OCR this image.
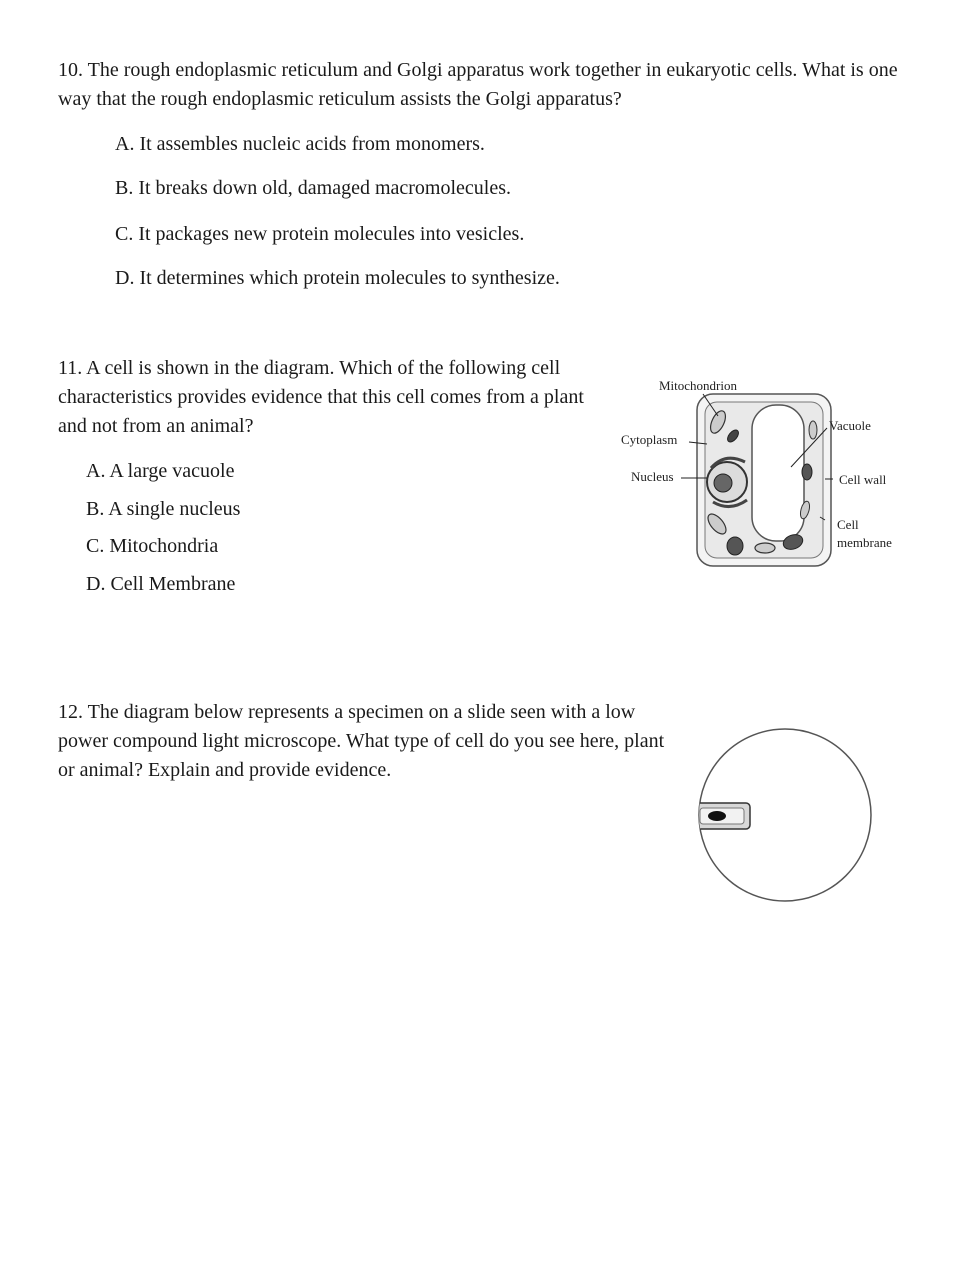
10. The rough endoplasmic reticulum and Golgi apparatus work together in eukaryotic cells. What is one way that the rough endoplasmic reticulum assists the Golgi apparatus?

A. It assembles nucleic acids from monomers.
B. It breaks down old, damaged macromolecules.
C. It packages new protein molecules into vesicles.
D. It determines which protein molecules to synthesize.

11. A cell is shown in the diagram. Which of the following cell characteristics provides evidence that this cell comes from a plant and not from an animal?

A. A large vacuole
B. A single nucleus
C. Mitochondria
D. Cell Membrane
Mitochondrion
Vacuole
Cytoplasm
Nucleus	Cell wall
Cell
membrane

12. The diagram below represents a specimen on a slide seen with a low power compound light microscope. What type of cell do you see here, plant or animal? Explain and provide evidence.
